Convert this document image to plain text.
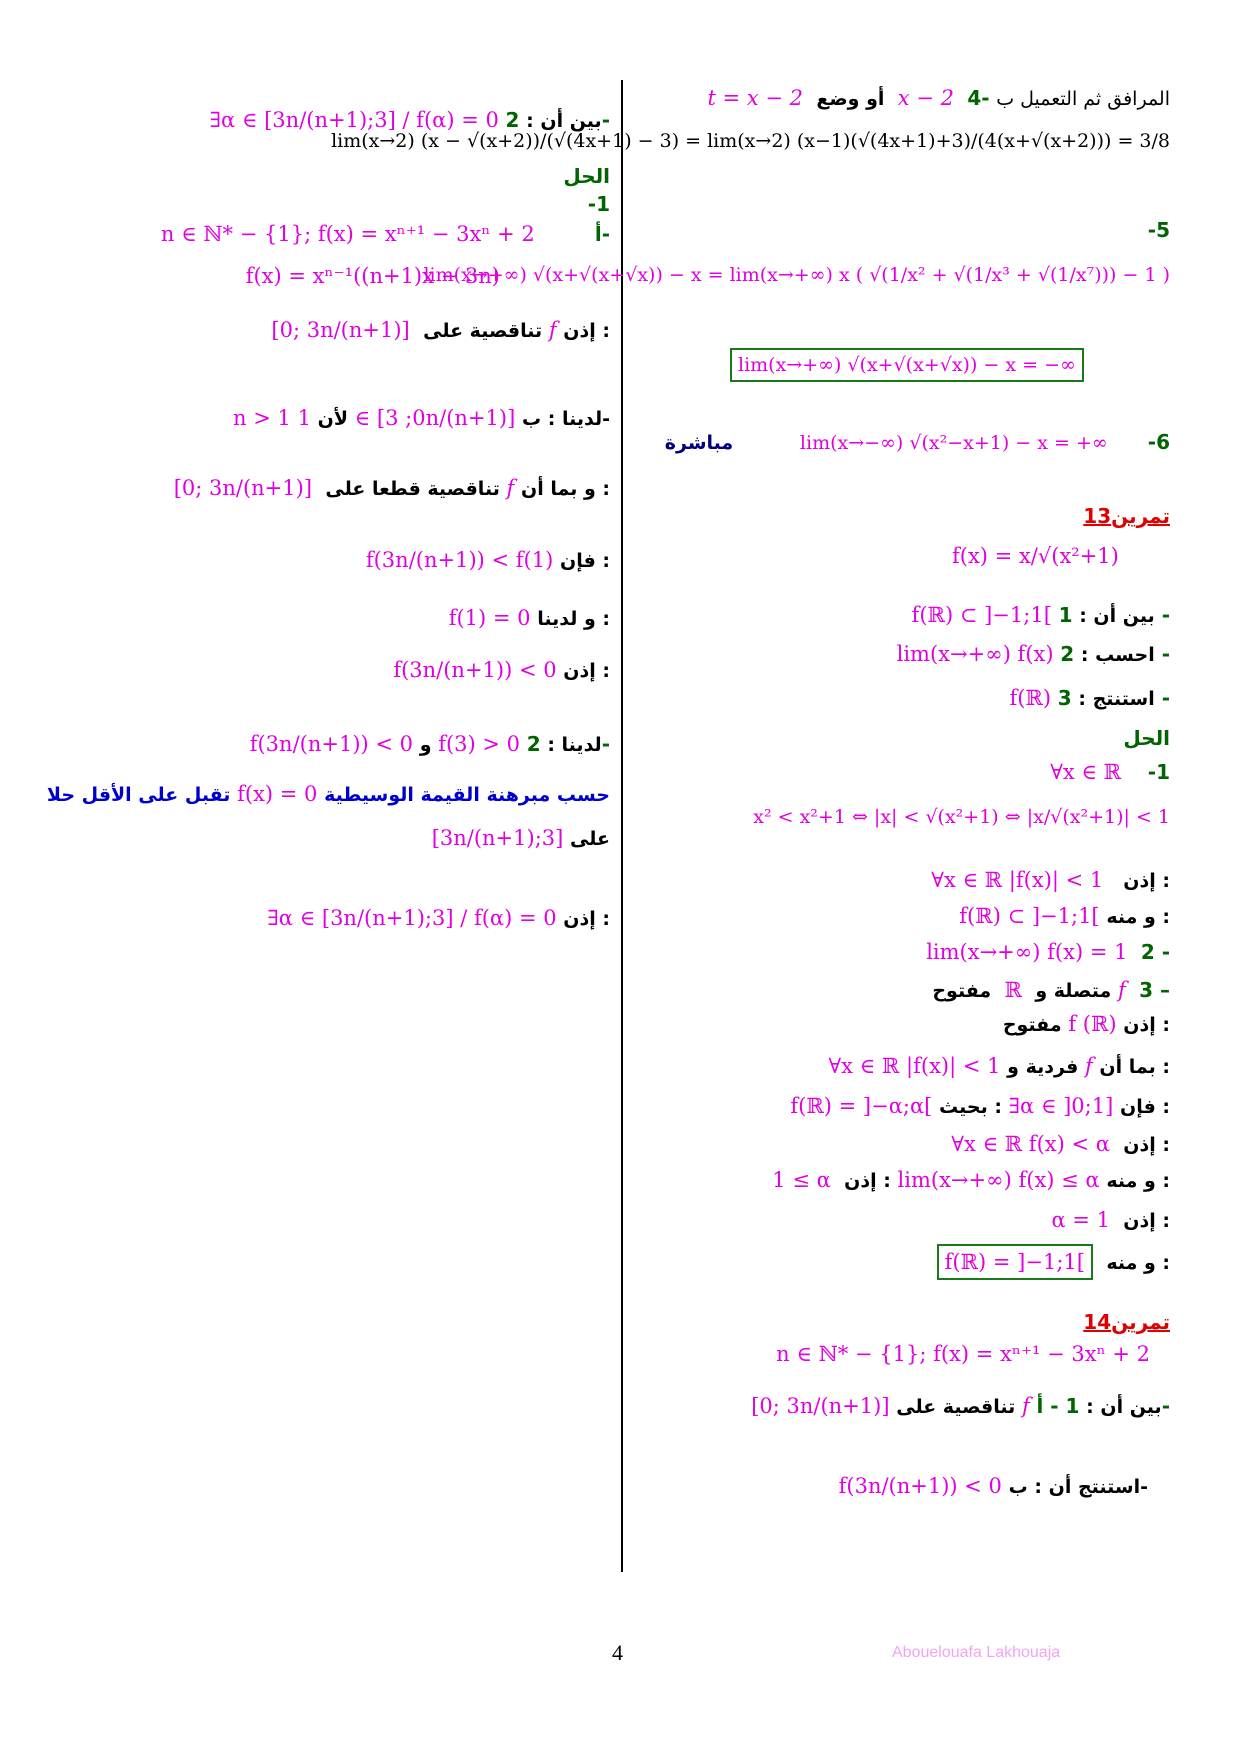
t = x − 2 أو وضع x − 2 المرافق ثم التعميل ب -4
lim(x→2) (x − √(x+2))/(√(4x+1) − 3) = lim(x→2) (x−1)(√(4x+1)+3)/(4(x+√(x+2))) = 3/8
-5
lim(x→+∞) √(x+√(x+√x)) − x = lim(x→+∞) x ( √(1/x² + √(1/x³ + √(1/x⁷))) − 1 )
lim(x→+∞) √(x+√(x+√x)) − x = −∞
مباشرة	lim(x→−∞) √(x²−x+1) − x = +∞ -6
تمرين13
f(x) = x/√(x²+1)
f(ℝ) ⊂ ]−1;1[ بين أن : 1 -
lim(x→+∞) f(x) احسب : 2 -
f(ℝ) استنتج : 3 -
الحل
∀x ∈ ℝ -1
x² < x²+1 ⇔ |x| < √(x²+1) ⇔ |x/√(x²+1)| < 1
∀x ∈ ℝ |f(x)| < 1 إذن :
f(ℝ) ⊂ ]−1;1[ و منه :
lim(x→+∞) f(x) = 1 2 -
مفتوح ℝ متصلة و f 3 –
مفتوح f (ℝ) إذن :
∀x ∈ ℝ |f(x)| < 1 فردية و f بما أن :
f(ℝ) = ]−α;α[ بحيث : ∃α ∈ ]0;1] فإن :
∀x ∈ ℝ f(x) < α إذن :
1 ≤ α إذن : lim(x→+∞) f(x) ≤ α و منه :
α = 1 إذن :
f(ℝ) = ]−1;1[ و منه :
تمرين14
n ∈ ℕ* − {1}; f(x) = xⁿ⁺¹ − 3xⁿ + 2
[0; 3n/(n+1)] تناقصية على f	بين أن : 1 - أ-
f(3n/(n+1)) < 0 استنتج أن : ب-
∃α ∈ [3n/(n+1);3] / f(α) = 0 بين أن : 2-
الحل
-1
n ∈ ℕ* − {1}; f(x) = xⁿ⁺¹ − 3xⁿ + 2	أ-
f(x) = xⁿ⁻¹((n+1)x − 3n)
[0; 3n/(n+1)] تناقصية على f إذن :
n > 1 لأن 1 ∈ [0; 3n/(n+1)] لدينا : ب-
[0; 3n/(n+1)] تناقصية قطعا على f و بما أن :
f(3n/(n+1)) < f(1) فإن :
f(1) = 0 و لدينا :
f(3n/(n+1)) < 0 إذن :
f(3n/(n+1)) < 0 و f(3) > 0 لدينا : 2-
تقبل على الأقل حلا f(x) = 0 حسب مبرهنة القيمة الوسيطية
[3n/(n+1);3] على
∃α ∈ [3n/(n+1);3] / f(α) = 0 إذن :
4	Abouelouafa Lakhouaja
